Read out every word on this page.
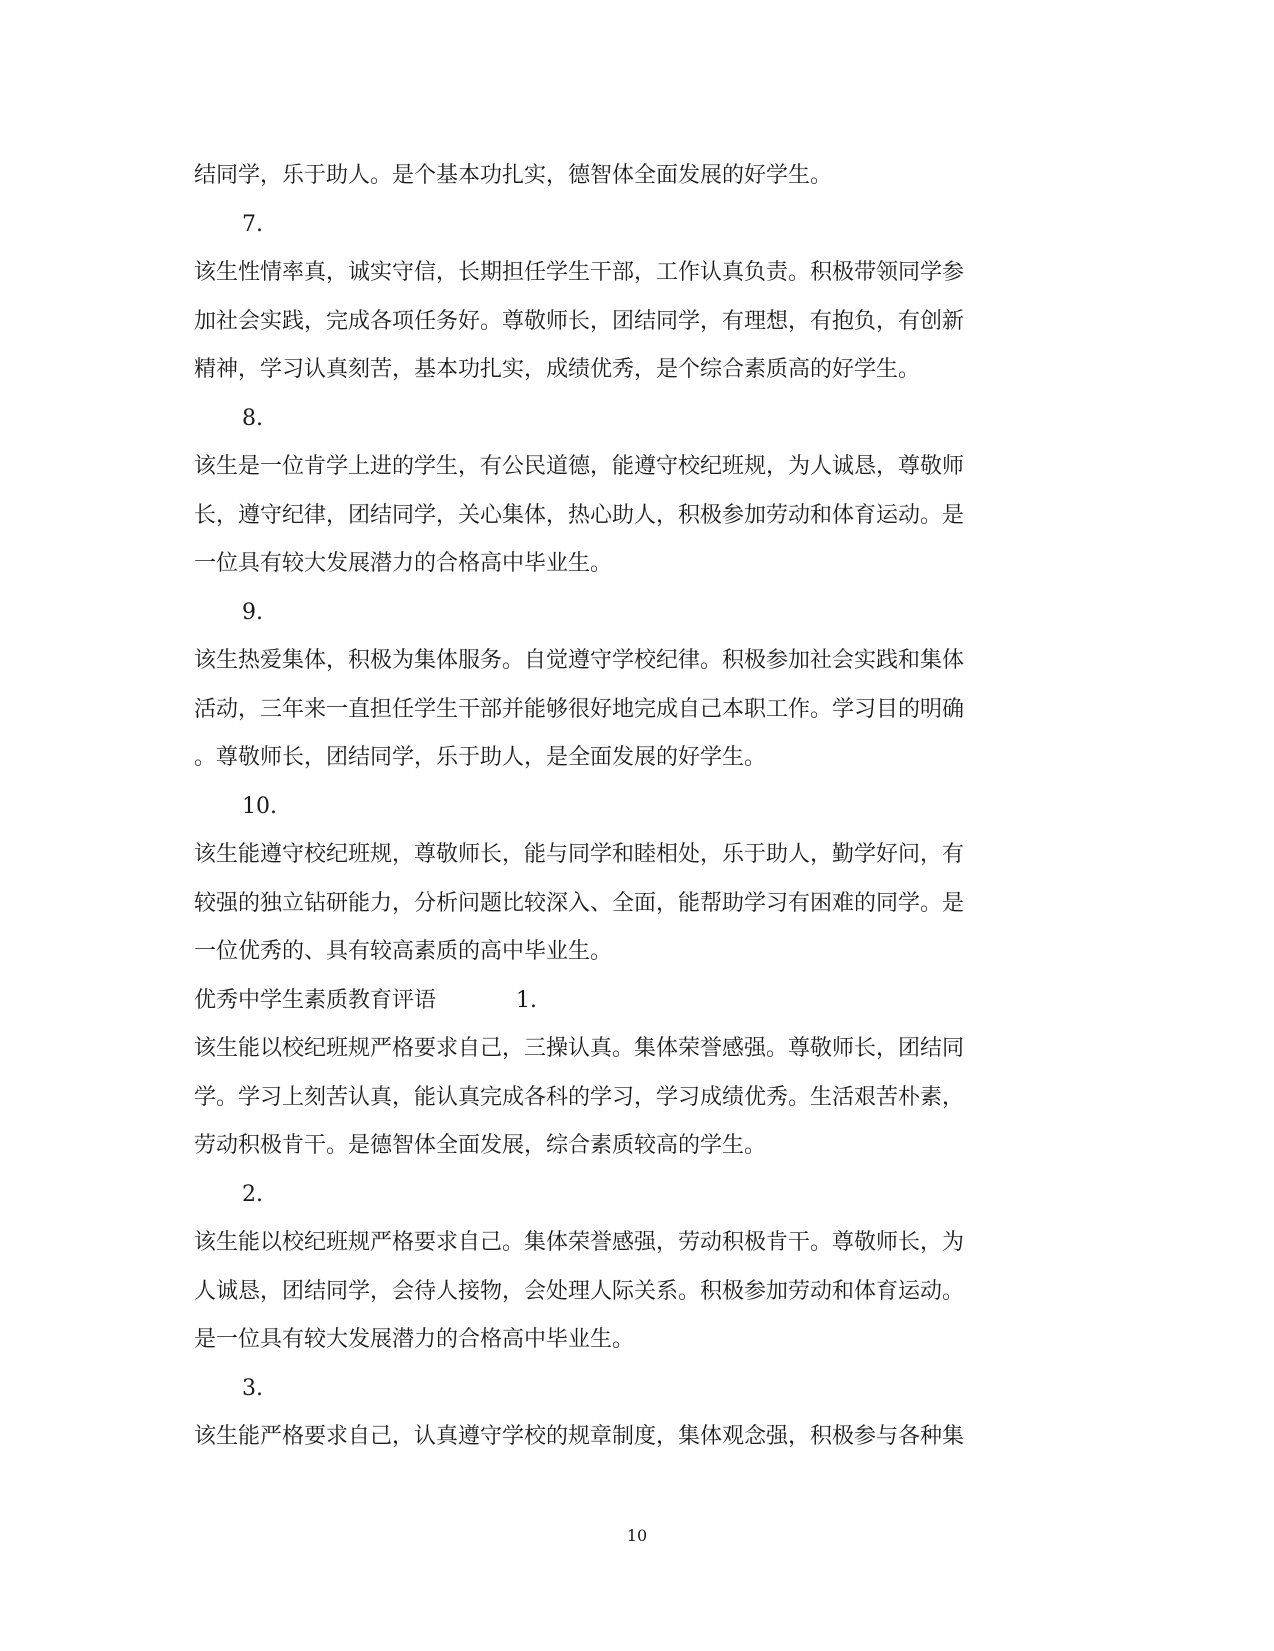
结同学，乐于助人。是个基本功扎实，德智体全面发展的好学生。
7.
该生性情率真，诚实守信，长期担任学生干部，工作认真负责。积极带领同学参
加社会实践，完成各项任务好。尊敬师长，团结同学，有理想，有抱负，有创新
精神，学习认真刻苦，基本功扎实，成绩优秀，是个综合素质高的好学生。
8.
该生是一位肯学上进的学生，有公民道德，能遵守校纪班规，为人诚恳，尊敬师
长，遵守纪律，团结同学，关心集体，热心助人，积极参加劳动和体育运动。是
一位具有较大发展潜力的合格高中毕业生。
9.
该生热爱集体，积极为集体服务。自觉遵守学校纪律。积极参加社会实践和集体
活动，三年来一直担任学生干部并能够很好地完成自己本职工作。学习目的明确
。尊敬师长，团结同学，乐于助人，是全面发展的好学生。
10.
该生能遵守校纪班规，尊敬师长，能与同学和睦相处，乐于助人，勤学好问，有
较强的独立钻研能力，分析问题比较深入、全面，能帮助学习有困难的同学。是
一位优秀的、具有较高素质的高中毕业生。
优秀中学生素质教育评语	1.
该生能以校纪班规严格要求自己，三操认真。集体荣誉感强。尊敬师长，团结同
学。学习上刻苦认真，能认真完成各科的学习，学习成绩优秀。生活艰苦朴素，
劳动积极肯干。是德智体全面发展，综合素质较高的学生。
2.
该生能以校纪班规严格要求自己。集体荣誉感强，劳动积极肯干。尊敬师长，为
人诚恳，团结同学，会待人接物，会处理人际关系。积极参加劳动和体育运动。
是一位具有较大发展潜力的合格高中毕业生。
3.
该生能严格要求自己，认真遵守学校的规章制度，集体观念强，积极参与各种集
10
